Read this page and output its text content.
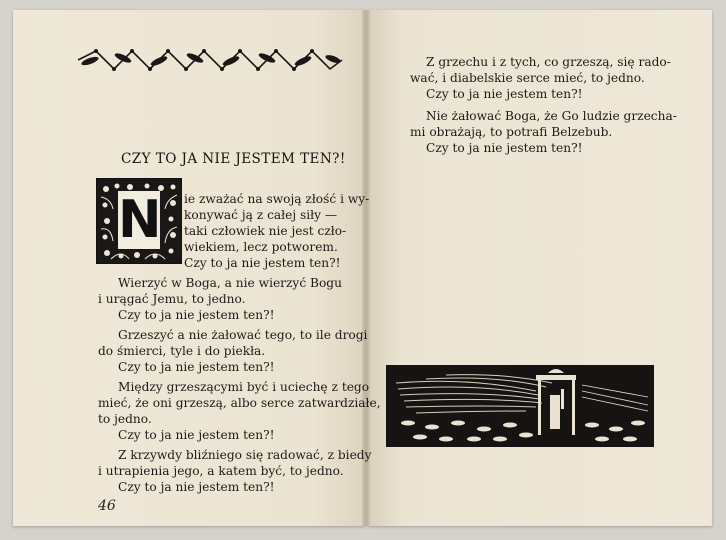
CZY TO JA NIE JESTEM TEN?!
N ie zważać na swoją złość i wy-
konywać ją z całej siły —
taki człowiek nie jest czło-
wiekiem, lecz potworem.
Czy to ja nie jestem ten?!
Wierzyć w Boga, a nie wierzyć Bogu
i urągać Jemu, to jedno.
Czy to ja nie jestem ten?!
Grzeszyć a nie żałować tego, to ile drogi
do śmierci, tyle i do piekła.
Czy to ja nie jestem ten?!
Między grzeszącymi być i uciechę z tego
mieć, że oni grzeszą, albo serce zatwardziałe,
to jedno.
Czy to ja nie jestem ten?!
Z krzywdy bliźniego się radować, z biedy
i utrapienia jego, a katem być, to jedno.
Czy to ja nie jestem ten?!
46
Z grzechu i z tych, co grzeszą, się rado-
wać, i diabelskie serce mieć, to jedno.
Czy to ja nie jestem ten?!
Nie żałować Boga, że Go ludzie grzecha-
mi obrażają, to potrafi Belzebub.
Czy to ja nie jestem ten?!
